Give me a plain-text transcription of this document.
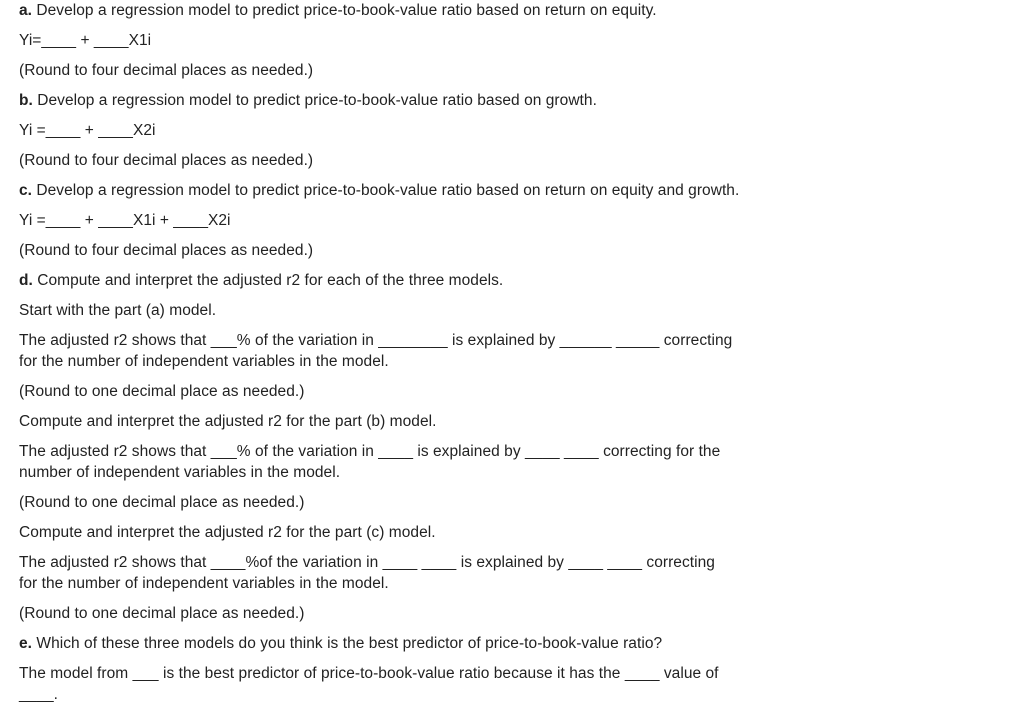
a. Develop a regression model to predict price-to-book-value ratio based on return on equity.
Yi=____ + ____X1i
(Round to four decimal places as needed.)
b. Develop a regression model to predict price-to-book-value ratio based on growth.
Yi =____ + ____X2i
(Round to four decimal places as needed.)
c. Develop a regression model to predict price-to-book-value ratio based on return on equity and growth.
Yi =____ + ____X1i + ____X2i
(Round to four decimal places as needed.)
d. Compute and interpret the adjusted r2 for each of the three models.
Start with the part (a) model.
The adjusted r2 shows that ___% of the variation in ________ is explained by ______ _____ correcting
for the number of independent variables in the model.
(Round to one decimal place as needed.)
Compute and interpret the adjusted r2 for the part (b) model.
The adjusted r2 shows that ___% of the variation in ____ is explained by ____ ____ correcting for the
number of independent variables in the model.
(Round to one decimal place as needed.)
Compute and interpret the adjusted r2 for the part (c) model.
The adjusted r2 shows that ____%of the variation in ____ ____ is explained by ____ ____ correcting
for the number of independent variables in the model.
(Round to one decimal place as needed.)
e. Which of these three models do you think is the best predictor of price-to-book-value ratio?
The model from ___ is the best predictor of price-to-book-value ratio because it has the ____ value of
____.
